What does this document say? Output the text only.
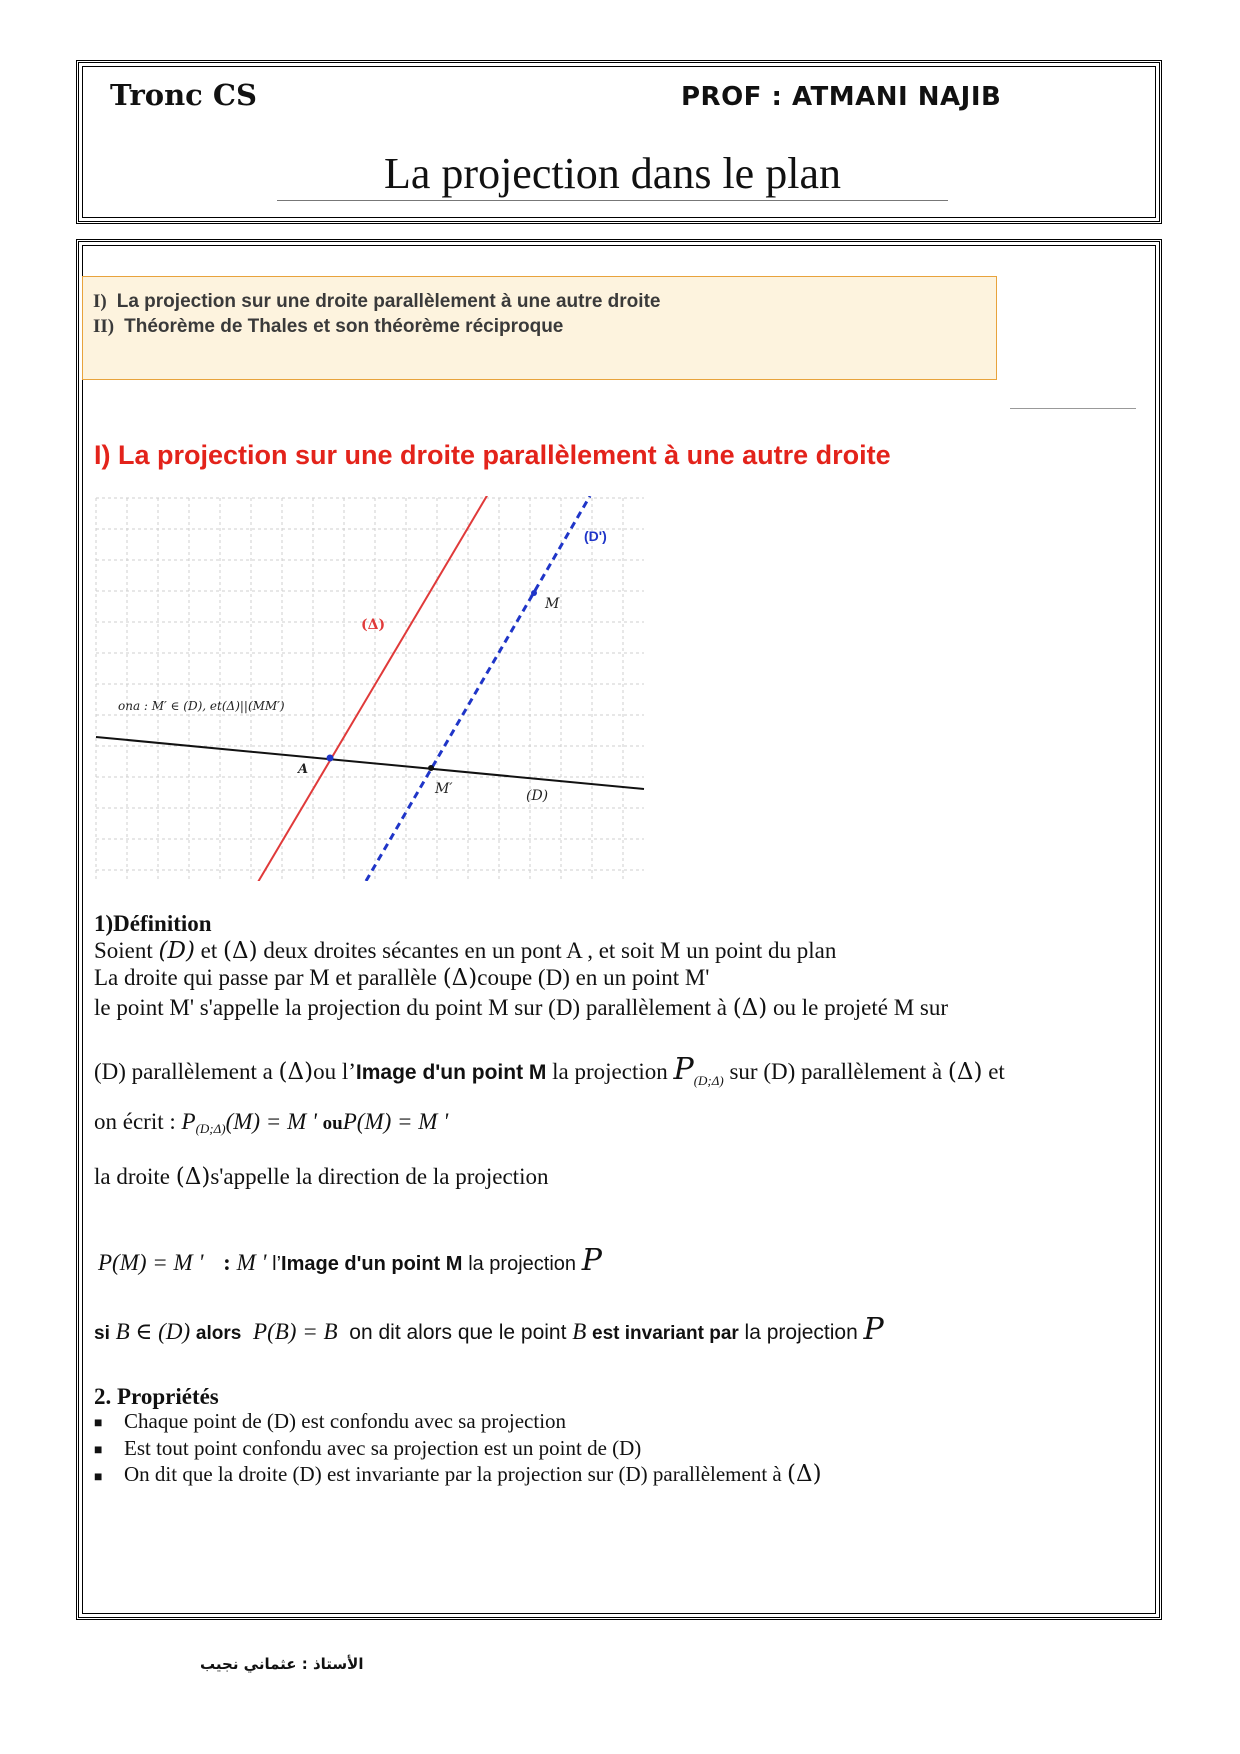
Tronc CS	PROF : ATMANI NAJIB
La projection dans le plan
I) La projection sur une droite parallèlement à une autre droite
II) Théorème de Thales et son théorème réciproque
I) La projection sur une droite parallèlement à une autre droite
(Δ)
(D')
M
A
M′	(D)
ona : M′ ∈ (D), et(Δ)||(MM′)
1)Définition
Soient (D) et (Δ) deux droites sécantes en un pont A , et soit M un point du plan
La droite qui passe par M et parallèle (Δ)coupe (D) en un point M'
le point M' s'appelle la projection du point M sur (D) parallèlement à (Δ) ou le projeté M sur
(D) parallèlement a (Δ)ou l’Image d'un point M la projection $P_{(D;\Delta)}$ sur (D) parallèlement à (Δ) et
on écrit : P(D;Δ)(M) = M ' ouP(M) = M '
la droite (Δ)s'appelle la direction de la projection
P(M) = M ' : M ' l’Image d'un point M la projection P
si B ∈ (D) alors P(B) = B on dit alors que le point B est invariant par la projection P
2. Propriétés
■ Chaque point de (D) est confondu avec sa projection
■ Est tout point confondu avec sa projection est un point de (D)
■ On dit que la droite (D) est invariante par la projection sur (D) parallèlement à (Δ)
الأستاذ : عثماني نجيب
